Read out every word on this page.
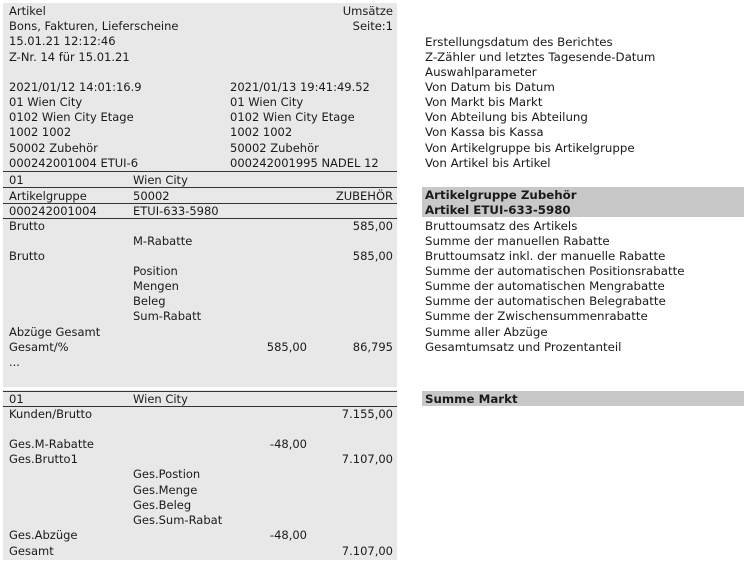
Artikel	Umsätze
Bons, Fakturen, Lieferscheine	Seite:1
15.01.21 12:12:46
Z-Nr. 14 für 15.01.21
2021/01/12 14:01:16.9	2021/01/13 19:41:49.52
01 Wien City	01 Wien City
0102 Wien City Etage	0102 Wien City Etage
1002 1002	1002 1002
50002 Zubehör	50002 Zubehör
000242001004 ETUI-6	000242001995 NADEL 12
01	Wien City
Artikelgruppe	50002	ZUBEHÖR
000242001004	ETUI-633-5980
Brutto	585,00
M-Rabatte
Brutto	585,00
Position
Mengen
Beleg
Sum-Rabatt
Abzüge Gesamt
Gesamt/%	585,00	86,795
...
01	Wien City
Kunden/Brutto	7.155,00
Ges.M-Rabatte	-48,00
Ges.Brutto1	7.107,00
Ges.Postion
Ges.Menge
Ges.Beleg
Ges.Sum-Rabat
Ges.Abzüge	-48,00
Gesamt	7.107,00
Erstellungsdatum des Berichtes
Z-Zähler und letztes Tagesende-Datum
Auswahlparameter
Von Datum bis Datum
Von Markt bis Markt
Von Abteilung bis Abteilung
Von Kassa bis Kassa
Von Artikelgruppe bis Artikelgruppe
Von Artikel bis Artikel
Artikelgruppe Zubehör
Artikel ETUI-633-5980
Bruttoumsatz des Artikels
Summe der manuellen Rabatte
Bruttoumsatz inkl. der manuelle Rabatte
Summe der automatischen Positionsrabatte
Summe der automatischen Mengrabatte
Summe der automatischen Belegrabatte
Summe der Zwischensummenrabatte
Summe aller Abzüge
Gesamtumsatz und Prozentanteil
Summe Markt
